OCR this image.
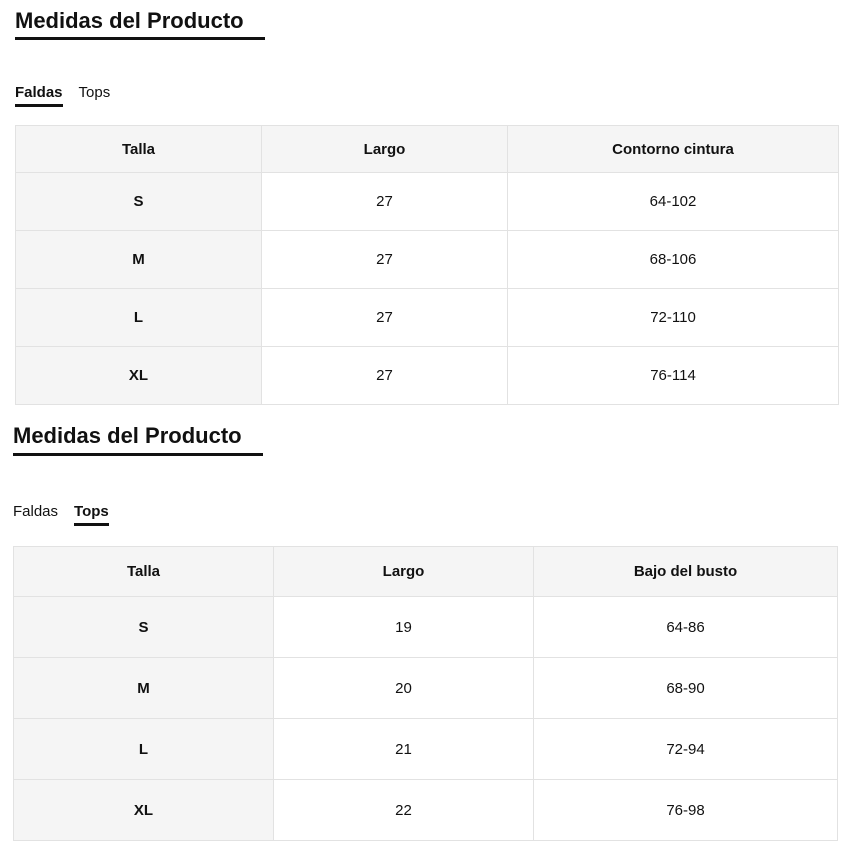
Medidas del Producto
Faldas Tops
Talla	Largo	Contorno cintura
S	27	64-102
M	27	68-106
L	27	72-110
XL	27	76-114
Medidas del Producto
Faldas Tops
Talla	Largo	Bajo del busto
S	19	64-86
M	20	68-90
L	21	72-94
XL	22	76-98
